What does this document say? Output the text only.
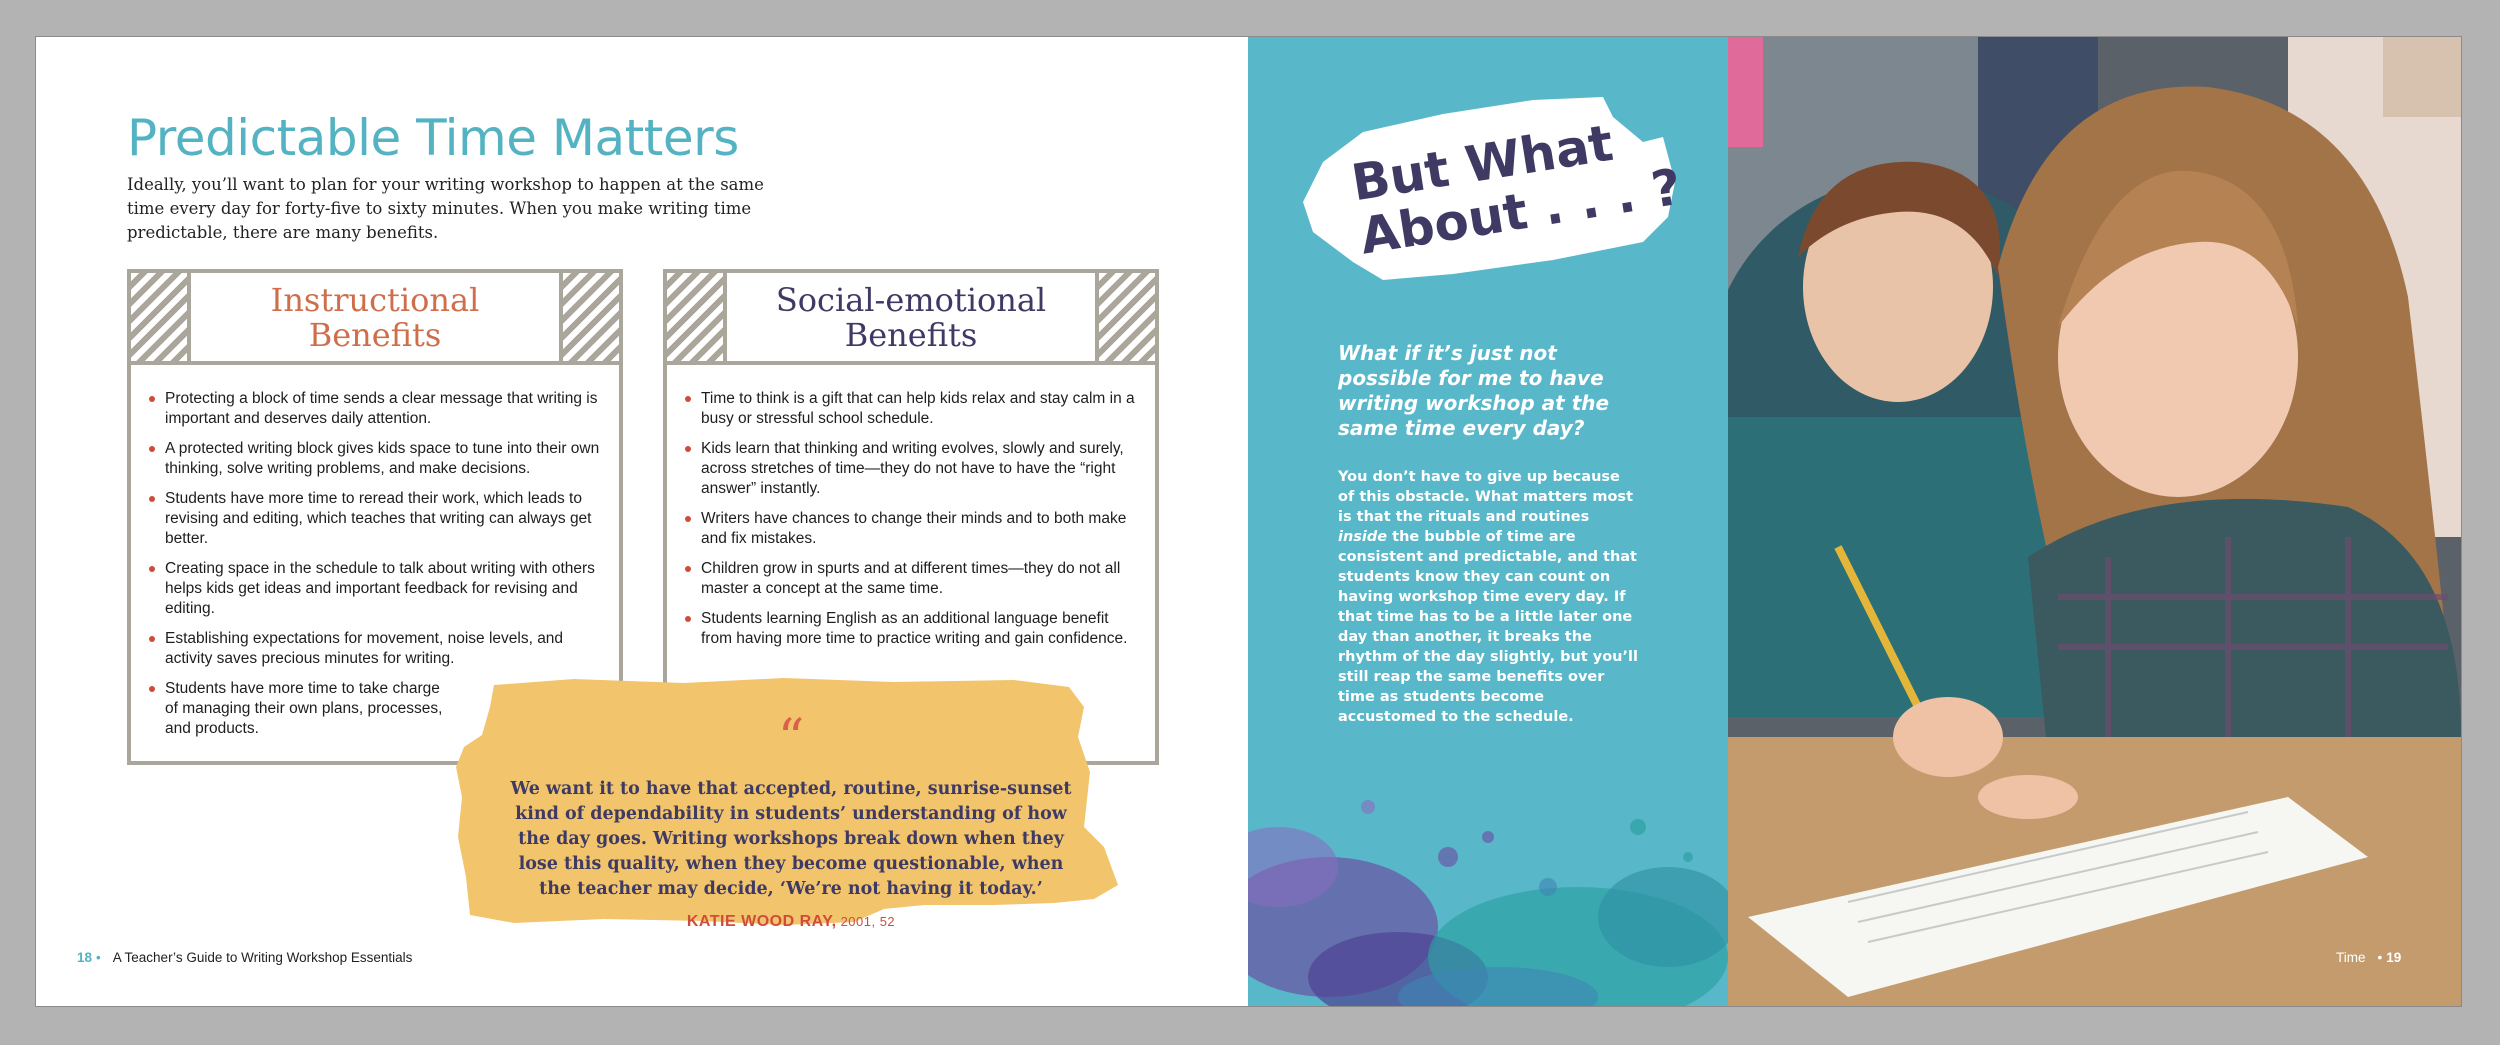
Predictable Time Matters

Ideally, you’ll want to plan for your writing workshop to happen at the same time every day for forty-five to sixty minutes. When you make writing time predictable, there are many benefits.

Instructional
Benefits
Protecting a block of time sends a clear message that writing is important and deserves daily attention.
A protected writing block gives kids space to tune into their own thinking, solve writing problems, and make decisions.
Students have more time to reread their work, which leads to revising and editing, which teaches that writing can always get better.
Creating space in the schedule to talk about writing with others helps kids get ideas and important feedback for revising and editing.
Establishing expectations for movement, noise levels, and activity saves precious minutes for writing.
Students have more time to take charge of managing their own plans, processes, and products.
Social-emotional
Benefits
Time to think is a gift that can help kids relax and stay calm in a busy or stressful school schedule.
Kids learn that thinking and writing evolves, slowly and surely, across stretches of time—they do not have to have the “right answer” instantly.
Writers have chances to change their minds and to both make and fix mistakes.
Children grow in spurts and at different times—they do not all master a concept at the same time.
Students learning English as an additional language benefit from having more time to practice writing and gain confidence.
“

We want it to have that accepted, routine, sunrise-sunset kind of dependability in students’ understanding of how the day goes. Writing workshops break down when they lose this quality, when they become questionable, when the teacher may decide, ‘We’re not having it today.’

KATIE WOOD RAY, 2001, 52
18 • A Teacher’s Guide to Writing Workshop Essentials
But What
About . . . ?

What if it’s just not possible for me to have writing workshop at the same time every day?

You don’t have to give up because of this obstacle. What matters most is that the rituals and routines inside the bubble of time are consistent and predictable, and that students know they can count on having workshop time every day. If that time has to be a little later one day than another, it breaks the rhythm of the day slightly, but you’ll still reap the same benefits over time as students become accustomed to the schedule.

Time • 19
